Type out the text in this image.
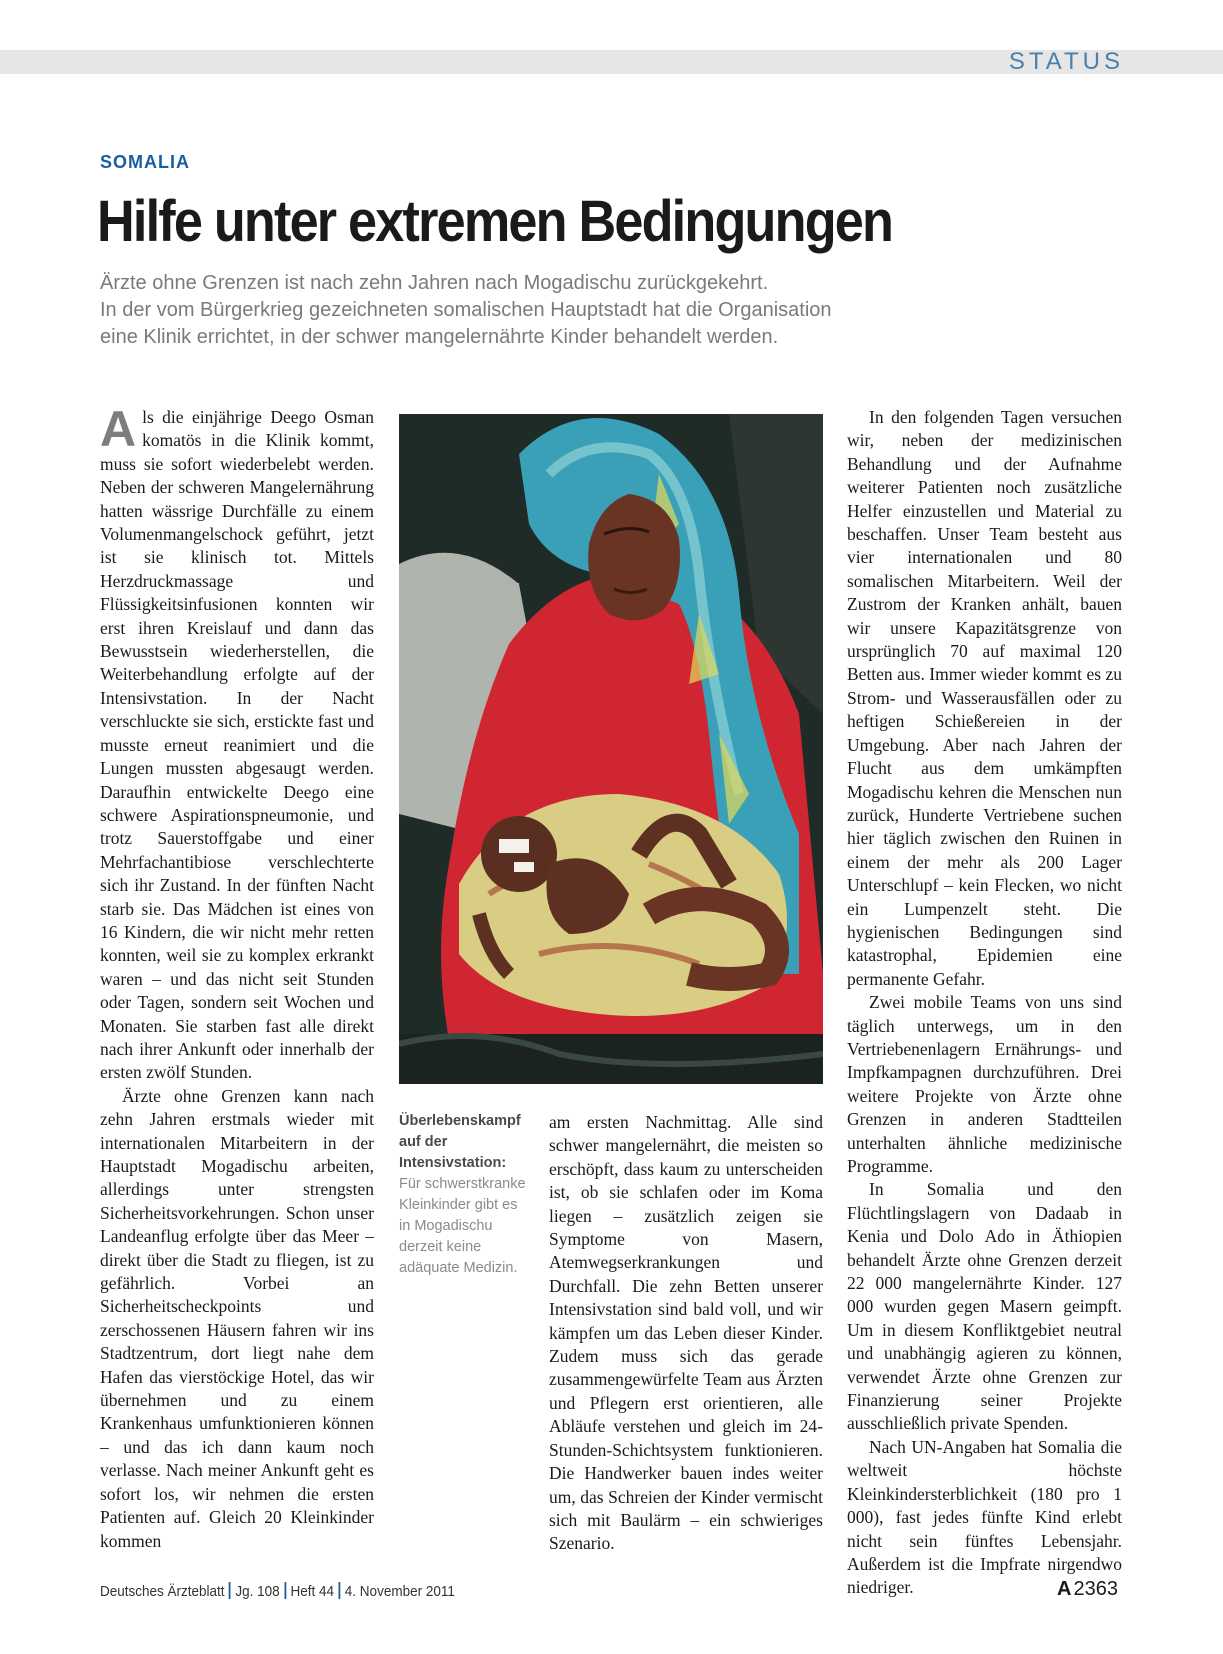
STATUS
SOMALIA
Hilfe unter extremen Bedingungen
Ärzte ohne Grenzen ist nach zehn Jahren nach Mogadischu zurückgekehrt.
In der vom Bürgerkrieg gezeichneten somalischen Hauptstadt hat die Organisation
eine Klinik errichtet, in der schwer mangelernährte Kinder behandelt werden.

Als die einjährige Deego Osman komatös in die Klinik kommt, muss sie sofort wiederbelebt werden. Neben der schweren Mangelernährung hatten wässrige Durchfälle zu einem Volumenmangelschock geführt, jetzt ist sie klinisch tot. Mittels Herzdruckmassage und Flüssigkeitsinfusionen konnten wir erst ihren Kreislauf und dann das Bewusstsein wiederherstellen, die Weiterbehandlung erfolgte auf der Intensivstation. In der Nacht verschluckte sie sich, erstickte fast und musste erneut reanimiert und die Lungen mussten abgesaugt werden. Daraufhin entwickelte Deego eine schwere Aspirationspneumonie, und trotz Sauerstoffgabe und einer Mehrfachantibiose verschlechterte sich ihr Zustand. In der fünften Nacht starb sie. Das Mädchen ist eines von 16 Kindern, die wir nicht mehr retten konnten, weil sie zu komplex erkrankt waren – und das nicht seit Stunden oder Tagen, sondern seit Wochen und Monaten. Sie starben fast alle direkt nach ihrer Ankunft oder innerhalb der ersten zwölf Stunden.

Ärzte ohne Grenzen kann nach zehn Jahren erstmals wieder mit internationalen Mitarbeitern in der Hauptstadt Mogadischu arbeiten, allerdings unter strengsten Sicherheitsvorkehrungen. Schon unser Landeanflug erfolgte über das Meer – direkt über die Stadt zu fliegen, ist zu gefährlich. Vorbei an Sicherheitscheckpoints und zerschossenen Häusern fahren wir ins Stadtzentrum, dort liegt nahe dem Hafen das vierstöckige Hotel, das wir übernehmen und zu einem Krankenhaus umfunktionieren können – und das ich dann kaum noch verlasse. Nach meiner Ankunft geht es sofort los, wir nehmen die ersten Patienten auf. Gleich 20 Kleinkinder kommen

Überlebenskampf auf der Intensivstation: Für schwerstkranke Kleinkinder gibt es in Mogadischu derzeit keine adäquate Medizin.

am ersten Nachmittag. Alle sind schwer mangelernährt, die meisten so erschöpft, dass kaum zu unterscheiden ist, ob sie schlafen oder im Koma liegen – zusätzlich zeigen sie Symptome von Masern, Atemwegserkrankungen und Durchfall. Die zehn Betten unserer Intensivstation sind bald voll, und wir kämpfen um das Leben dieser Kinder. Zudem muss sich das gerade zusammengewürfelte Team aus Ärzten und Pflegern erst orientieren, alle Abläufe verstehen und gleich im 24-Stunden-Schichtsystem funktionieren. Die Handwerker bauen indes weiter um, das Schreien der Kinder vermischt sich mit Baulärm – ein schwieriges Szenario.

In den folgenden Tagen versuchen wir, neben der medizinischen Behandlung und der Aufnahme weiterer Patienten noch zusätzliche Helfer einzustellen und Material zu beschaffen. Unser Team besteht aus vier internationalen und 80 somalischen Mitarbeitern. Weil der Zustrom der Kranken anhält, bauen wir unsere Kapazitätsgrenze von ursprünglich 70 auf maximal 120 Betten aus. Immer wieder kommt es zu Strom- und Wasserausfällen oder zu heftigen Schießereien in der Umgebung. Aber nach Jahren der Flucht aus dem umkämpften Mogadischu kehren die Menschen nun zurück, Hunderte Vertriebene suchen hier täglich zwischen den Ruinen in einem der mehr als 200 Lager Unterschlupf – kein Flecken, wo nicht ein Lumpenzelt steht. Die hygienischen Bedingungen sind katastrophal, Epidemien eine permanente Gefahr.

Zwei mobile Teams von uns sind täglich unterwegs, um in den Vertriebenenlagern Ernährungs- und Impfkampagnen durchzuführen. Drei weitere Projekte von Ärzte ohne Grenzen in anderen Stadtteilen unterhalten ähnliche medizinische Programme.

In Somalia und den Flüchtlingslagern von Dadaab in Kenia und Dolo Ado in Äthiopien behandelt Ärzte ohne Grenzen derzeit 22 000 mangelernährte Kinder. 127 000 wurden gegen Masern geimpft. Um in diesem Konfliktgebiet neutral und unabhängig agieren zu können, verwendet Ärzte ohne Grenzen zur Finanzierung seiner Projekte ausschließlich private Spenden.

Nach UN-Angaben hat Somalia die weltweit höchste Kleinkindersterblichkeit (180 pro 1 000), fast jedes fünfte Kind erlebt nicht sein fünftes Lebensjahr. Außerdem ist die Impfrate nirgendwo niedriger.

Deutsches Ärzteblatt Jg. 108 Heft 44 4. November 2011	A 2363
